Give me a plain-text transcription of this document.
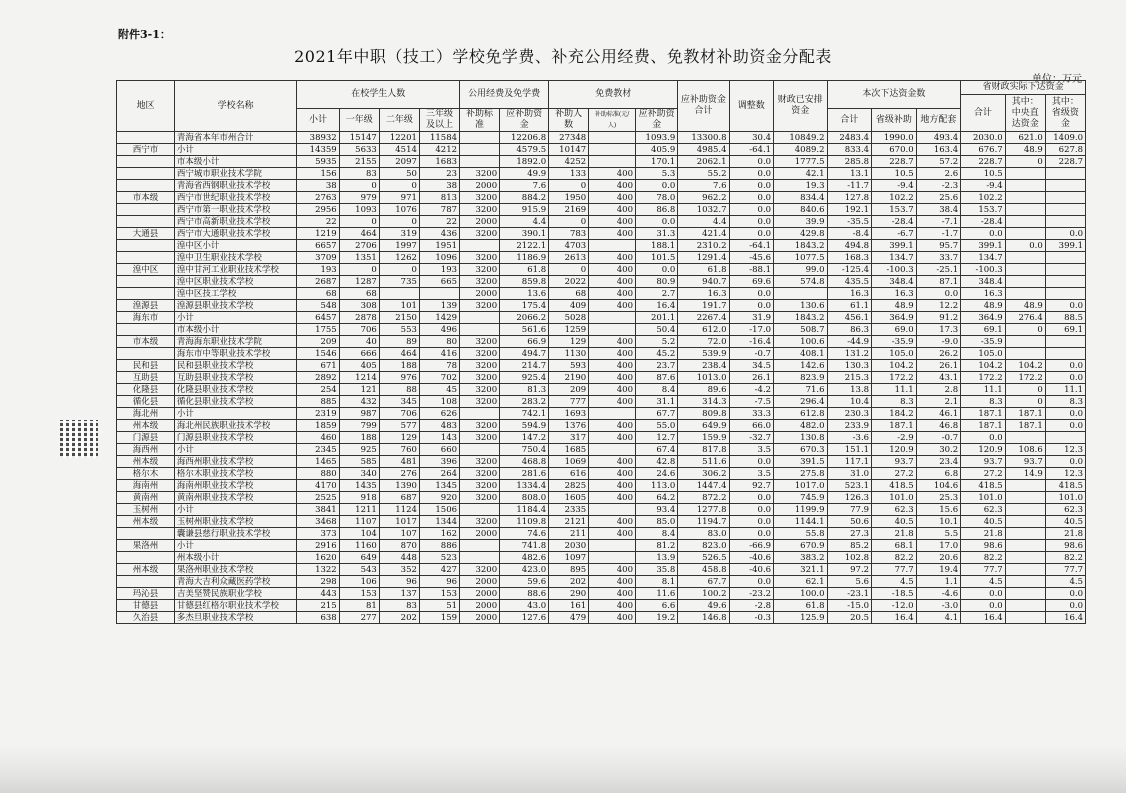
附件3-1：
2021年中职（技工）学校免学费、补充公用经费、免教材补助资金分配表
单位：万元
地区	学校名称	在校学生人数				公用经费及免学费		免费教材			应补助资金合计	调整数	财政已安排资金	本次下达资金数			省财政实际下达资金		
																	合计	其中：中央直达资金	其中：省级资金
		小计	一年级	二年级	三年级及以上	补助标准	应补助资金	补助人数	补助标准(元/人)	应补助资金				合计	省级补助	地方配套			
	青海省本年市州合计	38932	15147	12201	11584		12206.8	27348		1093.9	13300.8	30.4	10849.2	2483.4	1990.0	493.4	2030.0	621.0	1409.0
西宁市	小计	14359	5633	4514	4212		4579.5	10147		405.9	4985.4	-64.1	4089.2	833.4	670.0	163.4	676.7	48.9	627.8
	市本级小计	5935	2155	2097	1683		1892.0	4252		170.1	2062.1	0.0	1777.5	285.8	228.7	57.2	228.7	0	228.7
	西宁城市职业技术学院	156	83	50	23	3200	49.9	133	400	5.3	55.2	0.0	42.1	13.1	10.5	2.6	10.5		
	青海省西钢职业技术学校	38	0	0	38	2000	7.6	0	400	0.0	7.6	0.0	19.3	-11.7	-9.4	-2.3	-9.4		
市本级	西宁市世纪职业技术学校	2763	979	971	813	3200	884.2	1950	400	78.0	962.2	0.0	834.4	127.8	102.2	25.6	102.2		
	西宁市第一职业技术学校	2956	1093	1076	787	3200	915.9	2169	400	86.8	1032.7	0.0	840.6	192.1	153.7	38.4	153.7		
	西宁市高新职业技术学校	22	0	0	22	2000	4.4	0	400	0.0	4.4	0.0	39.9	-35.5	-28.4	-7.1	-28.4		
大通县	西宁市大通职业技术学校	1219	464	319	436	3200	390.1	783	400	31.3	421.4	0.0	429.8	-8.4	-6.7	-1.7	0.0		0.0
	湟中区小计	6657	2706	1997	1951		2122.1	4703		188.1	2310.2	-64.1	1843.2	494.8	399.1	95.7	399.1	0.0	399.1
	湟中卫生职业技术学校	3709	1351	1262	1096	3200	1186.9	2613	400	101.5	1291.4	-45.6	1077.5	168.3	134.7	33.7	134.7		
湟中区	湟中甘河工业职业技术学校	193	0	0	193	3200	61.8	0	400	0.0	61.8	-88.1	99.0	-125.4	-100.3	-25.1	-100.3		
	湟中区职业技术学校	2687	1287	735	665	3200	859.8	2022	400	80.9	940.7	69.6	574.8	435.5	348.4	87.1	348.4		
	湟中区技工学校	68	68			2000	13.6	68	400	2.7	16.3	0.0		16.3	16.3	0.0	16.3		
湟源县	湟源县职业技术学校	548	308	101	139	3200	175.4	409	400	16.4	191.7	0.0	130.6	61.1	48.9	12.2	48.9	48.9	0.0
海东市	小计	6457	2878	2150	1429		2066.2	5028		201.1	2267.4	31.9	1843.2	456.1	364.9	91.2	364.9	276.4	88.5
	市本级小计	1755	706	553	496		561.6	1259		50.4	612.0	-17.0	508.7	86.3	69.0	17.3	69.1	0	69.1
市本级	青海海东职业技术学院	209	40	89	80	3200	66.9	129	400	5.2	72.0	-16.4	100.6	-44.9	-35.9	-9.0	-35.9		
	海东市中等职业技术学校	1546	666	464	416	3200	494.7	1130	400	45.2	539.9	-0.7	408.1	131.2	105.0	26.2	105.0		
民和县	民和县职业技术学校	671	405	188	78	3200	214.7	593	400	23.7	238.4	34.5	142.6	130.3	104.2	26.1	104.2	104.2	0.0
互助县	互助县职业技术学校	2892	1214	976	702	3200	925.4	2190	400	87.6	1013.0	26.1	823.9	215.3	172.2	43.1	172.2	172.2	0.0
化隆县	化隆县职业技术学校	254	121	88	45	3200	81.3	209	400	8.4	89.6	-4.2	71.6	13.8	11.1	2.8	11.1	0	11.1
循化县	循化县职业技术学校	885	432	345	108	3200	283.2	777	400	31.1	314.3	-7.5	296.4	10.4	8.3	2.1	8.3	0	8.3
海北州	小计	2319	987	706	626		742.1	1693		67.7	809.8	33.3	612.8	230.3	184.2	46.1	187.1	187.1	0.0
州本级	海北州民族职业技术学校	1859	799	577	483	3200	594.9	1376	400	55.0	649.9	66.0	482.0	233.9	187.1	46.8	187.1	187.1	0.0
门源县	门源县职业技术学校	460	188	129	143	3200	147.2	317	400	12.7	159.9	-32.7	130.8	-3.6	-2.9	-0.7	0.0		
海西州	小计	2345	925	760	660		750.4	1685		67.4	817.8	3.5	670.3	151.1	120.9	30.2	120.9	108.6	12.3
州本级	海西州职业技术学校	1465	585	481	396	3200	468.8	1069	400	42.8	511.6	0.0	391.5	117.1	93.7	23.4	93.7	93.7	0.0
格尔木	格尔木职业技术学校	880	340	276	264	3200	281.6	616	400	24.6	306.2	3.5	275.8	31.0	27.2	6.8	27.2	14.9	12.3
海南州	海南州职业技术学校	4170	1435	1390	1345	3200	1334.4	2825	400	113.0	1447.4	92.7	1017.0	523.1	418.5	104.6	418.5		418.5
黄南州	黄南州职业技术学校	2525	918	687	920	3200	808.0	1605	400	64.2	872.2	0.0	745.9	126.3	101.0	25.3	101.0		101.0
玉树州	小计	3841	1211	1124	1506		1184.4	2335		93.4	1277.8	0.0	1199.9	77.9	62.3	15.6	62.3		62.3
州本级	玉树州职业技术学校	3468	1107	1017	1344	3200	1109.8	2121	400	85.0	1194.7	0.0	1144.1	50.6	40.5	10.1	40.5		40.5
	囊谦县慈行职业技术学校	373	104	107	162	2000	74.6	211	400	8.4	83.0	0.0	55.8	27.3	21.8	5.5	21.8		21.8
果洛州	小计	2916	1160	870	886		741.8	2030		81.2	823.0	-66.9	670.9	85.2	68.1	17.0	98.6		98.6
	州本级小计	1620	649	448	523		482.6	1097		13.9	526.5	-40.6	383.2	102.8	82.2	20.6	82.2		82.2
州本级	果洛州职业技术学校	1322	543	352	427	3200	423.0	895	400	35.8	458.8	-40.6	321.1	97.2	77.7	19.4	77.7		77.7
	青海大吉利众藏医药学校	298	106	96	96	2000	59.6	202	400	8.1	67.7	0.0	62.1	5.6	4.5	1.1	4.5		4.5
玛沁县	吉美坚赞民族职业学校	443	153	137	153	2000	88.6	290	400	11.6	100.2	-23.2	100.0	-23.1	-18.5	-4.6	0.0		0.0
甘德县	甘德县红格尔职业技术学校	215	81	83	51	2000	43.0	161	400	6.6	49.6	-2.8	61.8	-15.0	-12.0	-3.0	0.0		0.0
久治县	多杰旦职业技术学校	638	277	202	159	2000	127.6	479	400	19.2	146.8	-0.3	125.9	20.5	16.4	4.1	16.4		16.4
